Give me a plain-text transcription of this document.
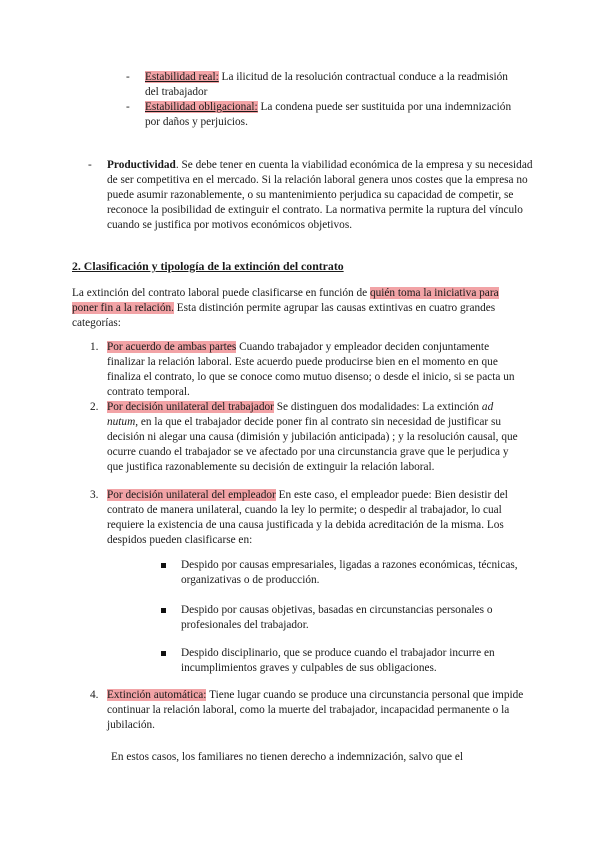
- Estabilidad real: La ilicitud de la resolución contractual conduce a la readmisión del trabajador

- Estabilidad obligacional: La condena puede ser sustituida por una indemnización por daños y perjuicios.

- Productividad. Se debe tener en cuenta la viabilidad económica de la empresa y su necesidad de ser competitiva en el mercado. Si la relación laboral genera unos costes que la empresa no puede asumir razonablemente, o su mantenimiento perjudica su capacidad de competir, se reconoce la posibilidad de extinguir el contrato. La normativa permite la ruptura del vínculo cuando se justifica por motivos económicos objetivos.

2. Clasificación y tipología de la extinción del contrato

La extinción del contrato laboral puede clasificarse en función de quién toma la iniciativa para poner fin a la relación. Esta distinción permite agrupar las causas extintivas en cuatro grandes categorías:

1. Por acuerdo de ambas partes Cuando trabajador y empleador deciden conjuntamente finalizar la relación laboral. Este acuerdo puede producirse bien en el momento en que finaliza el contrato, lo que se conoce como mutuo disenso; o desde el inicio, si se pacta un contrato temporal.

2. Por decisión unilateral del trabajador Se distinguen dos modalidades: La extinción ad nutum, en la que el trabajador decide poner fin al contrato sin necesidad de justificar su decisión ni alegar una causa (dimisión y jubilación anticipada) ; y la resolución causal, que ocurre cuando el trabajador se ve afectado por una circunstancia grave que le perjudica y que justifica razonablemente su decisión de extinguir la relación laboral.

3. Por decisión unilateral del empleador En este caso, el empleador puede: Bien desistir del contrato de manera unilateral, cuando la ley lo permite; o despedir al trabajador, lo cual requiere la existencia de una causa justificada y la debida acreditación de la misma. Los despidos pueden clasificarse en:

Despido por causas empresariales, ligadas a razones económicas, técnicas, organizativas o de producción.

Despido por causas objetivas, basadas en circunstancias personales o profesionales del trabajador.

Despido disciplinario, que se produce cuando el trabajador incurre en incumplimientos graves y culpables de sus obligaciones.

4. Extinción automática: Tiene lugar cuando se produce una circunstancia personal que impide continuar la relación laboral, como la muerte del trabajador, incapacidad permanente o la jubilación.

En estos casos, los familiares no tienen derecho a indemnización, salvo que el
